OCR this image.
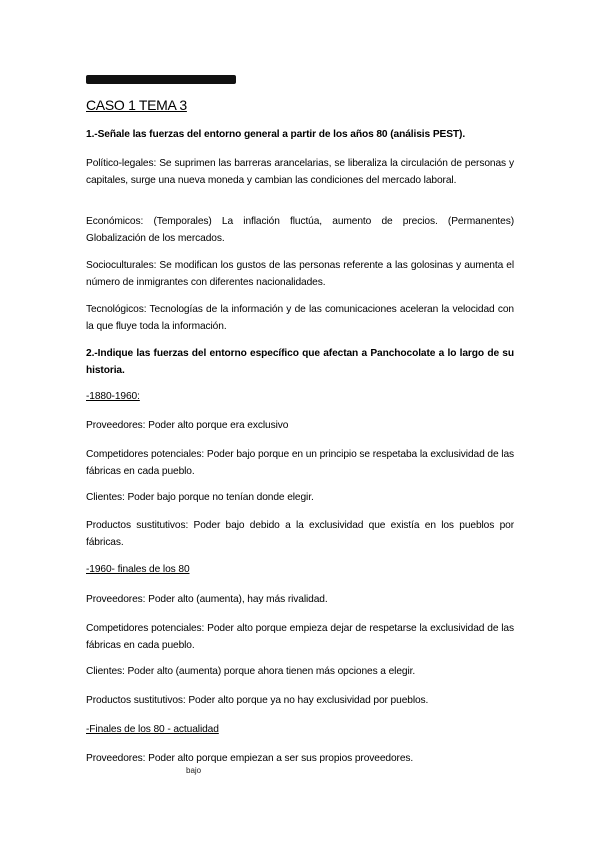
CASO 1 TEMA 3
1.-Señale las fuerzas del entorno general a partir de los años 80 (análisis PEST).
Político-legales: Se suprimen las barreras arancelarias, se liberaliza la circulación de personas y capitales, surge una nueva moneda y cambian las condiciones del mercado laboral.
Económicos: (Temporales) La inflación fluctúa, aumento de precios. (Permanentes) Globalización de los mercados.
Socioculturales: Se modifican los gustos de las personas referente a las golosinas y aumenta el número de inmigrantes con diferentes nacionalidades.
Tecnológicos: Tecnologías de la información y de las comunicaciones aceleran la velocidad con la que fluye toda la información.
2.-Indique las fuerzas del entorno específico que afectan a Panchocolate a lo largo de su historia.
-1880-1960:
Proveedores: Poder alto porque era exclusivo
Competidores potenciales: Poder bajo porque en un principio se respetaba la exclusividad de las fábricas en cada pueblo.
Clientes: Poder bajo porque no tenían donde elegir.
Productos sustitutivos: Poder bajo debido a la exclusividad que existía en los pueblos por fábricas.
-1960- finales de los 80
Proveedores: Poder alto (aumenta), hay más rivalidad.
Competidores potenciales: Poder alto porque empieza dejar de respetarse la exclusividad de las fábricas en cada pueblo.
Clientes: Poder alto (aumenta) porque ahora tienen más opciones a elegir.
Productos sustitutivos: Poder alto porque ya no hay exclusividad por pueblos.
-Finales de los 80 - actualidad
Proveedores: Poder alto porque empiezan a ser sus propios proveedores.
bajo
